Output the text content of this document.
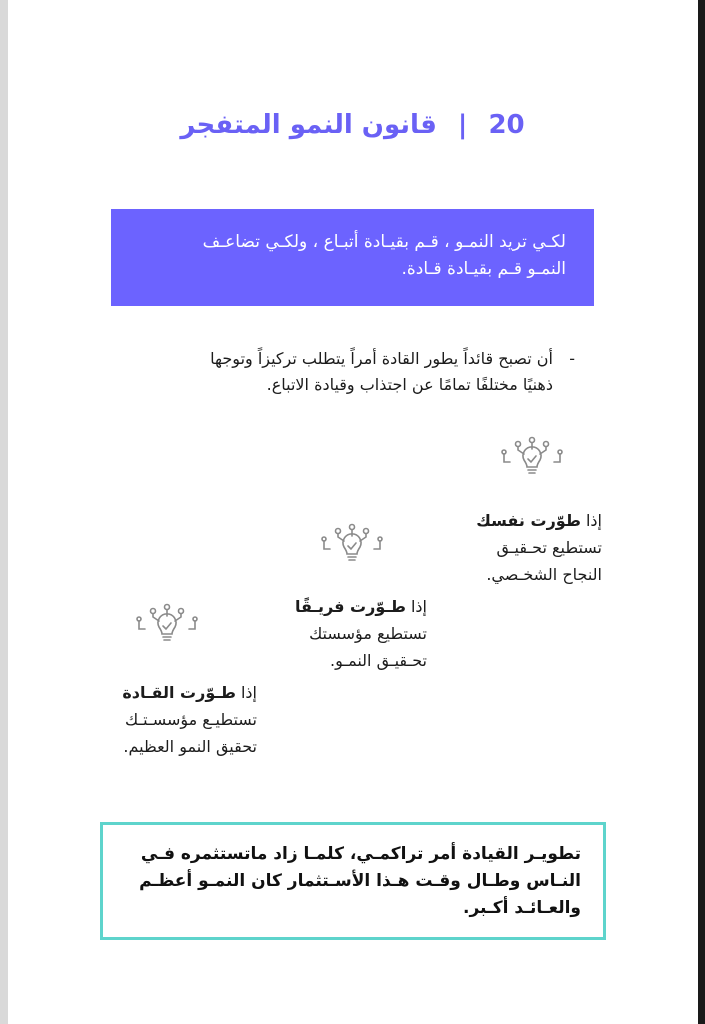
20 | قانون النمو المتفجر
لكـي تريد النمـو ، قـم بقيـادة أتبـاع ، ولكـي تضاعـف
النمـو قـم بقيـادة قـادة.
-أن تصبح قائداً يطور القادة أمراً يتطلب تركيزاً وتوجها
ذهنيًا مختلفًا تمامًا عن اجتذاب وقيادة الاتباع.
إذا طوّرت نفسك
تستطيع تحـقيـق
النجاح الشخـصي.
إذا طـوّرت فريـقًا
تستطيع مؤسستك
تحـقيـق النمـو.
إذا طـوّرت القـادة
تستطيـع مؤسسـتـك
تحقيق النمو العظيم.
تطويـر القيادة أمر تراكمـي، كلمـا زاد ماتستثمره فـي
النـاس وطـال وقـت هـذا الأسـتثمار كان النمـو أعظـم
والعـائـد أكـبر.
